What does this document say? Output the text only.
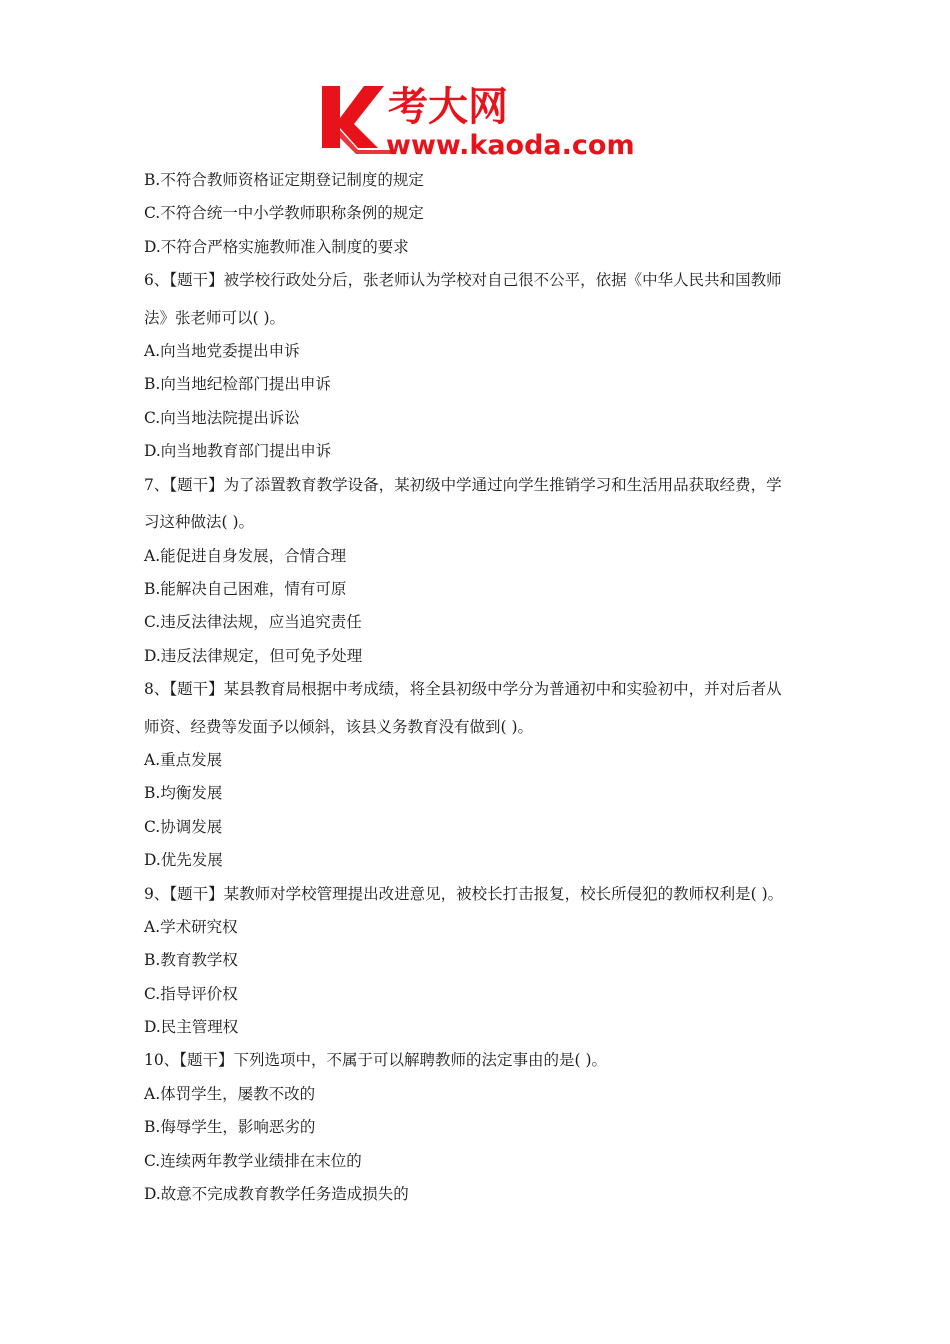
考大网
www.kaoda.com
B.不符合教师资格证定期登记制度的规定
C.不符合统一中小学教师职称条例的规定
D.不符合严格实施教师准入制度的要求
6、【题干】被学校行政处分后，张老师认为学校对自己很不公平，依据《中华人民共和国教师
法》张老师可以( )。
A.向当地党委提出申诉
B.向当地纪检部门提出申诉
C.向当地法院提出诉讼
D.向当地教育部门提出申诉
7、【题干】为了添置教育教学设备，某初级中学通过向学生推销学习和生活用品获取经费，学
习这种做法( )。
A.能促进自身发展，合情合理
B.能解决自己困难，情有可原
C.违反法律法规，应当追究责任
D.违反法律规定，但可免予处理
8、【题干】某县教育局根据中考成绩，将全县初级中学分为普通初中和实验初中，并对后者从
师资、经费等发面予以倾斜，该县义务教育没有做到( )。
A.重点发展
B.均衡发展
C.协调发展
D.优先发展
9、【题干】某教师对学校管理提出改进意见，被校长打击报复，校长所侵犯的教师权利是( )。
A.学术研究权
B.教育教学权
C.指导评价权
D.民主管理权
10、【题干】下列选项中，不属于可以解聘教师的法定事由的是( )。
A.体罚学生，屡教不改的
B.侮辱学生，影响恶劣的
C.连续两年教学业绩排在末位的
D.故意不完成教育教学任务造成损失的
